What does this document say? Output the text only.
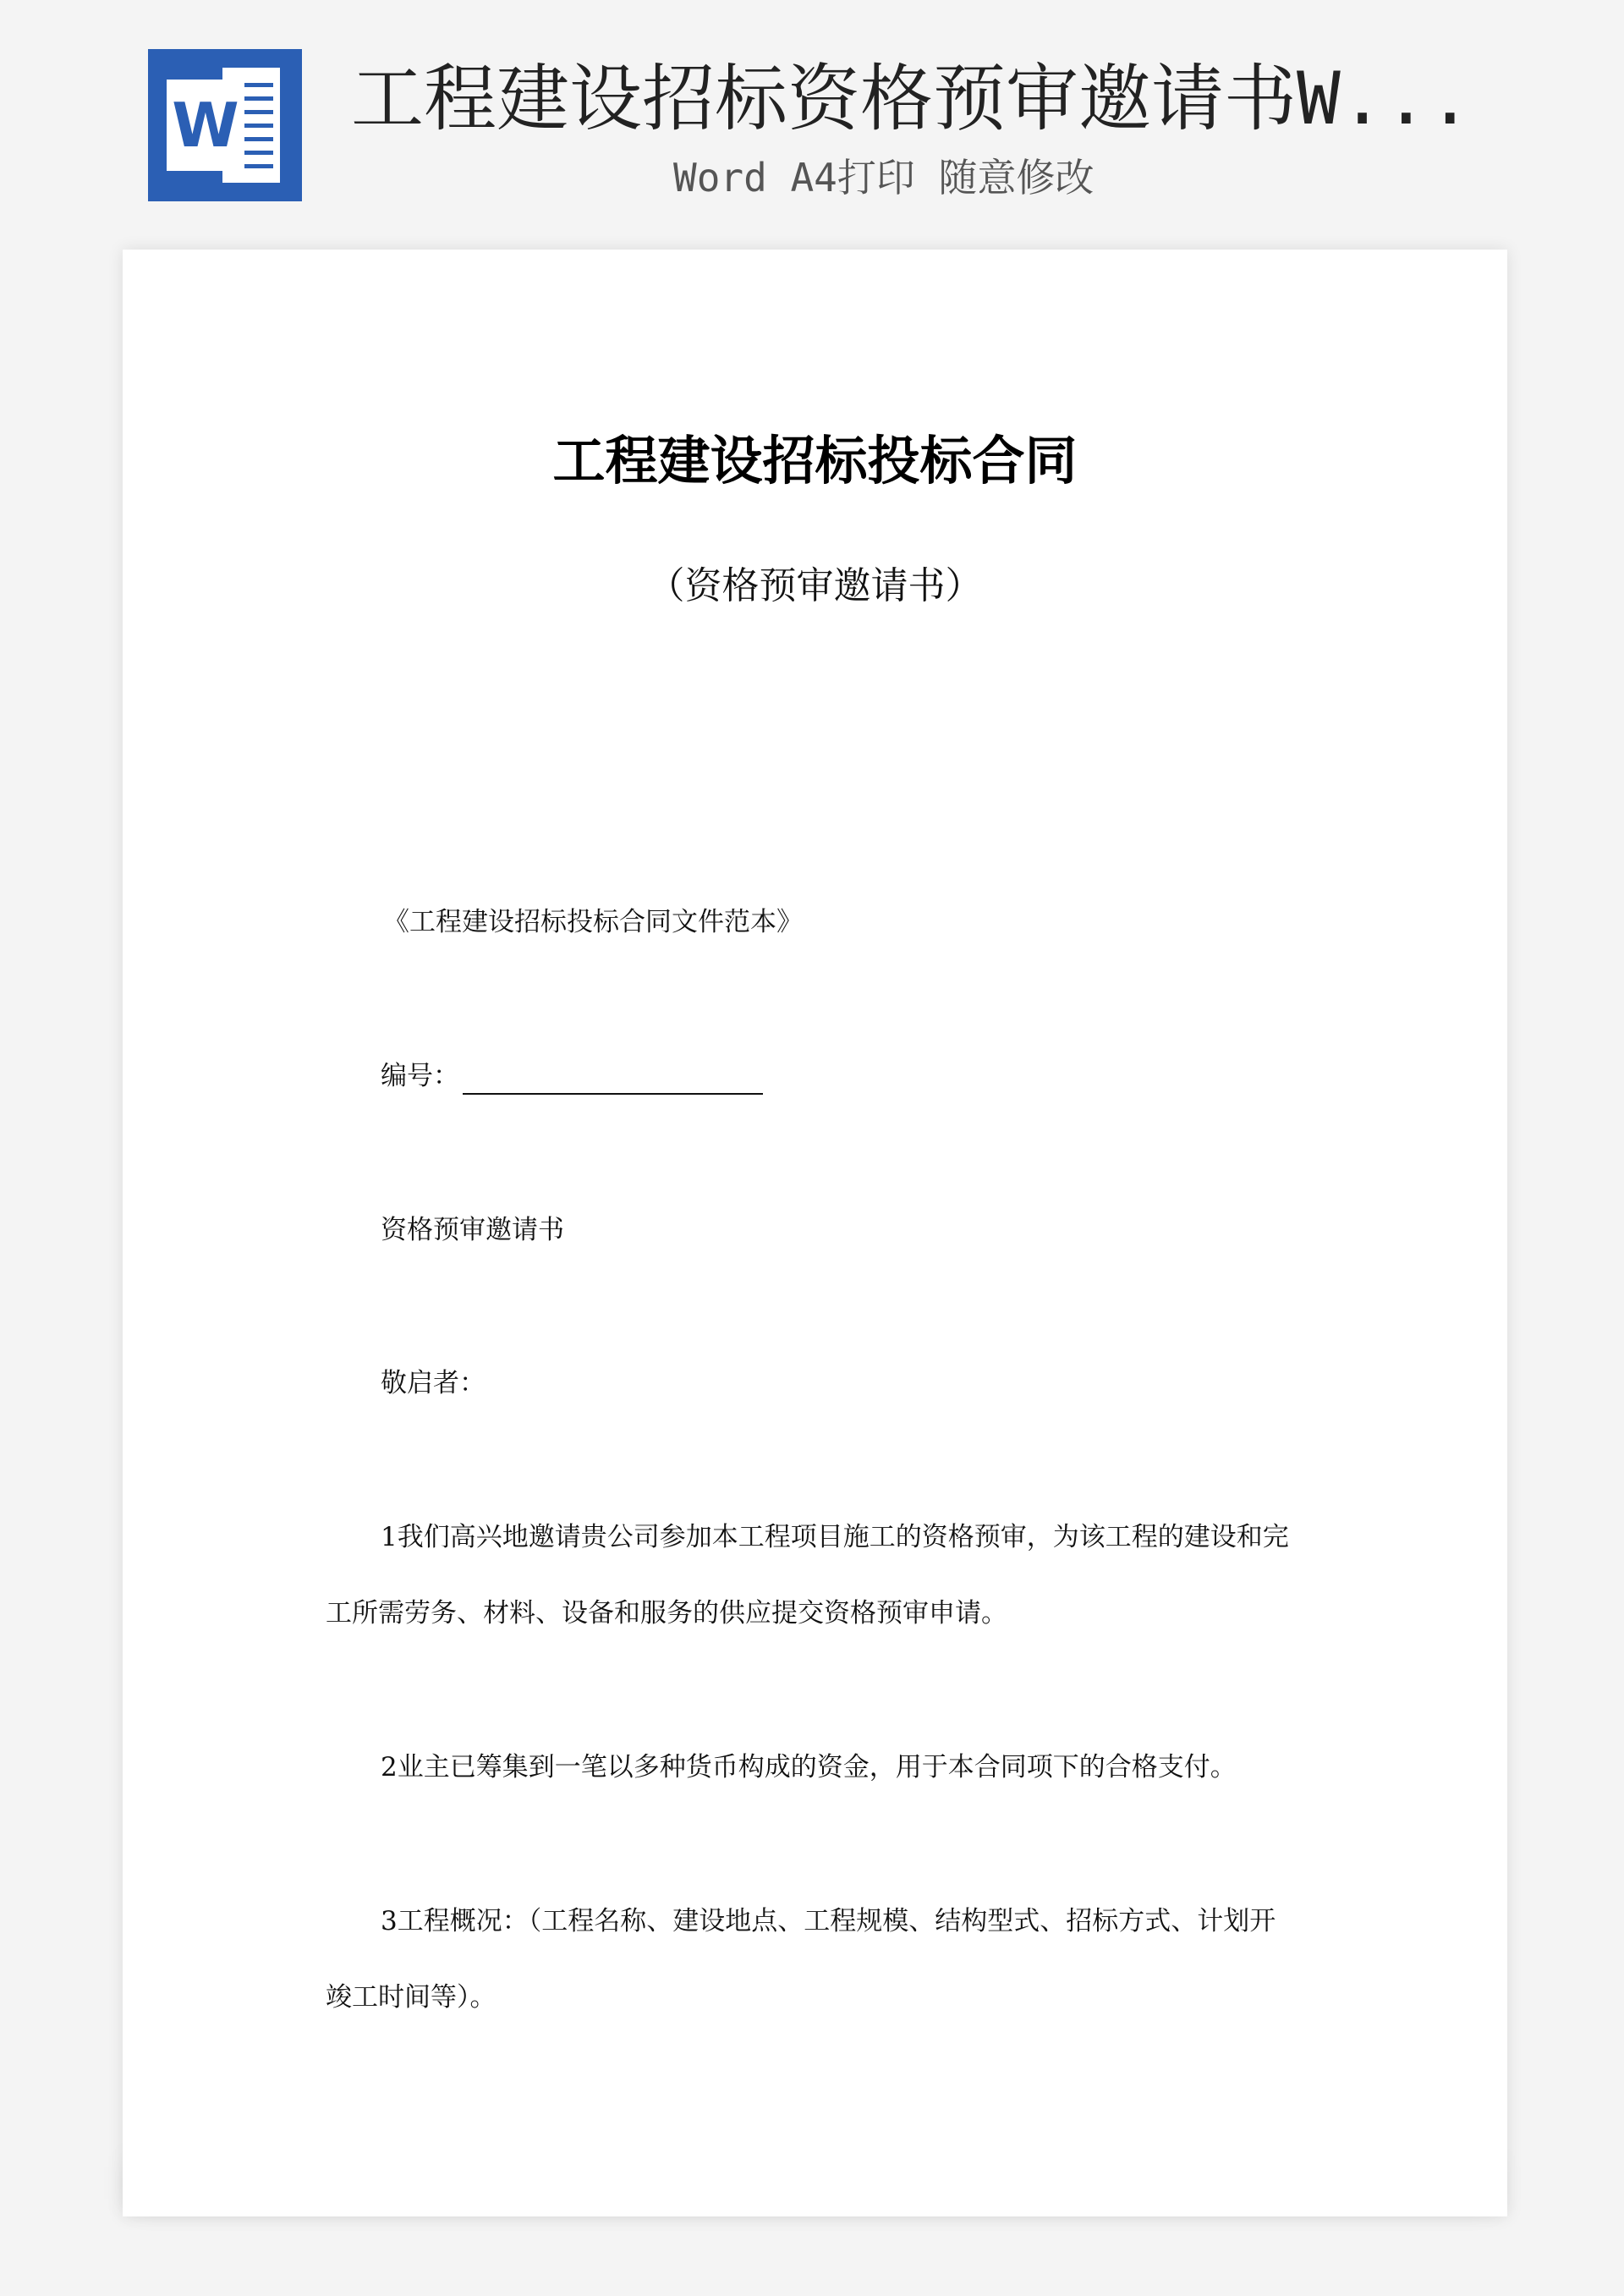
W 工程建设招标资格预审邀请书W...
Word A4打印 随意修改
工程建设招标投标合同
（资格预审邀请书）
《工程建设招标投标合同文件范本》
编号：
资格预审邀请书
敬启者：
1我们高兴地邀请贵公司参加本工程项目施工的资格预审，为该工程的建设和完
工所需劳务、材料、设备和服务的供应提交资格预审申请。
2业主已筹集到一笔以多种货币构成的资金，用于本合同项下的合格支付。
3工程概况：（工程名称、建设地点、工程规模、结构型式、招标方式、计划开
竣工时间等）。
